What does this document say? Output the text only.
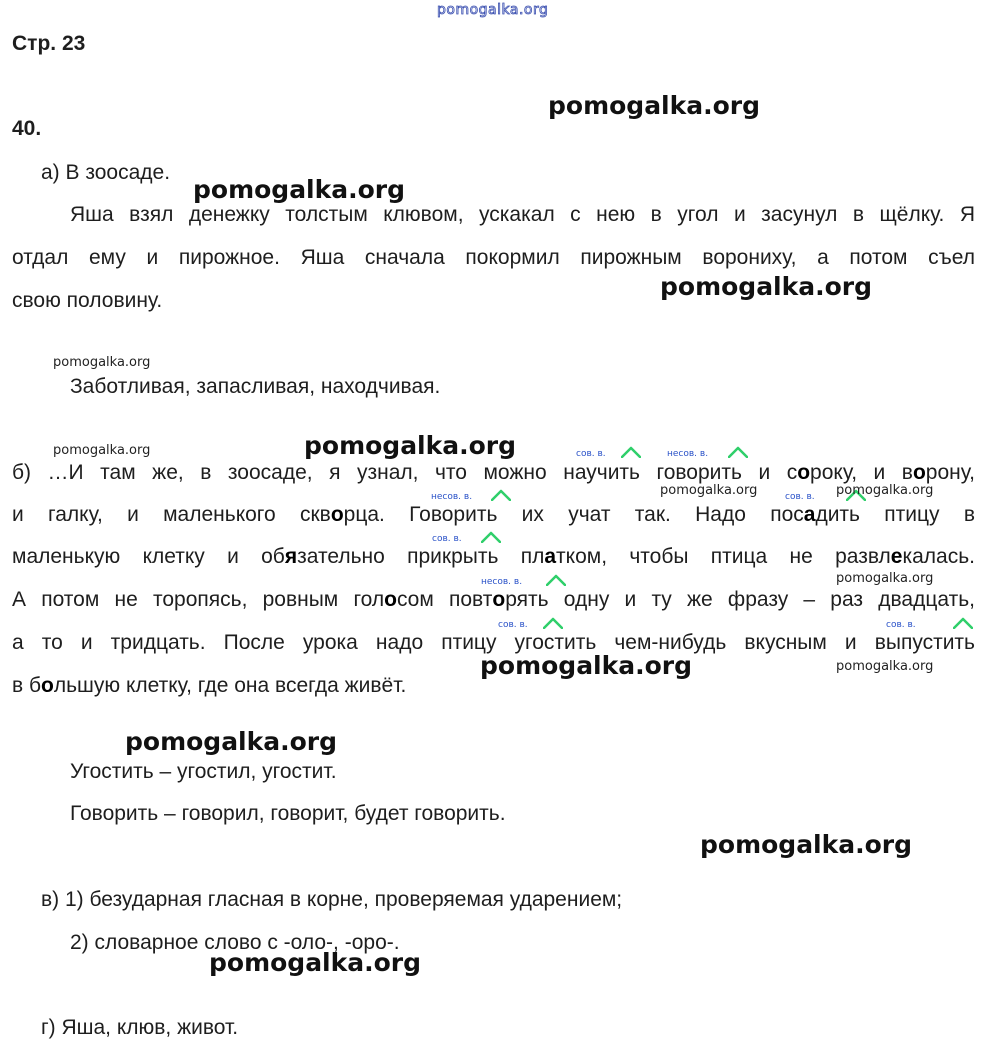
pomogalka.org
Стр. 23
40.
а) В зоосаде.
Яша взял денежку толстым клювом, ускакал с нею в угол и засунул в щёлку. Я
отдал ему и пирожное. Яша сначала покормил пирожным ворониху, а потом съел
свою половину.
Заботливая, запасливая, находчивая.
б) …И там же, в зоосаде, я узнал, что можно научить говорить и сороку, и ворону,
и галку, и маленького скворца. Говорить их учат так. Надо посадить птицу в
маленькую клетку и обязательно прикрыть платком, чтобы птица не развлекалась.
А потом не торопясь, ровным голосом повторять одну и ту же фразу – раз двадцать,
а то и тридцать. После урока надо птицу угостить чем-нибудь вкусным и выпустить
в большую клетку, где она всегда живёт.
сов. в.	несов. в.
несов. в.	сов. в.
сов. в.
несов. в.
сов. в.	сов. в.
Угостить – угостил, угостит.
Говорить – говорил, говорит, будет говорить.
в) 1) безударная гласная в корне, проверяемая ударением;
2) словарное слово с -оло-, -оро-.
г) Яша, клюв, живот.
pomogalka.org
pomogalka.org
pomogalka.org
pomogalka.org
pomogalka.org
pomogalka.org
pomogalka.org
pomogalka.org
pomogalka.org
pomogalka.org
pomogalka.org	pomogalka.org
pomogalka.org
pomogalka.org
